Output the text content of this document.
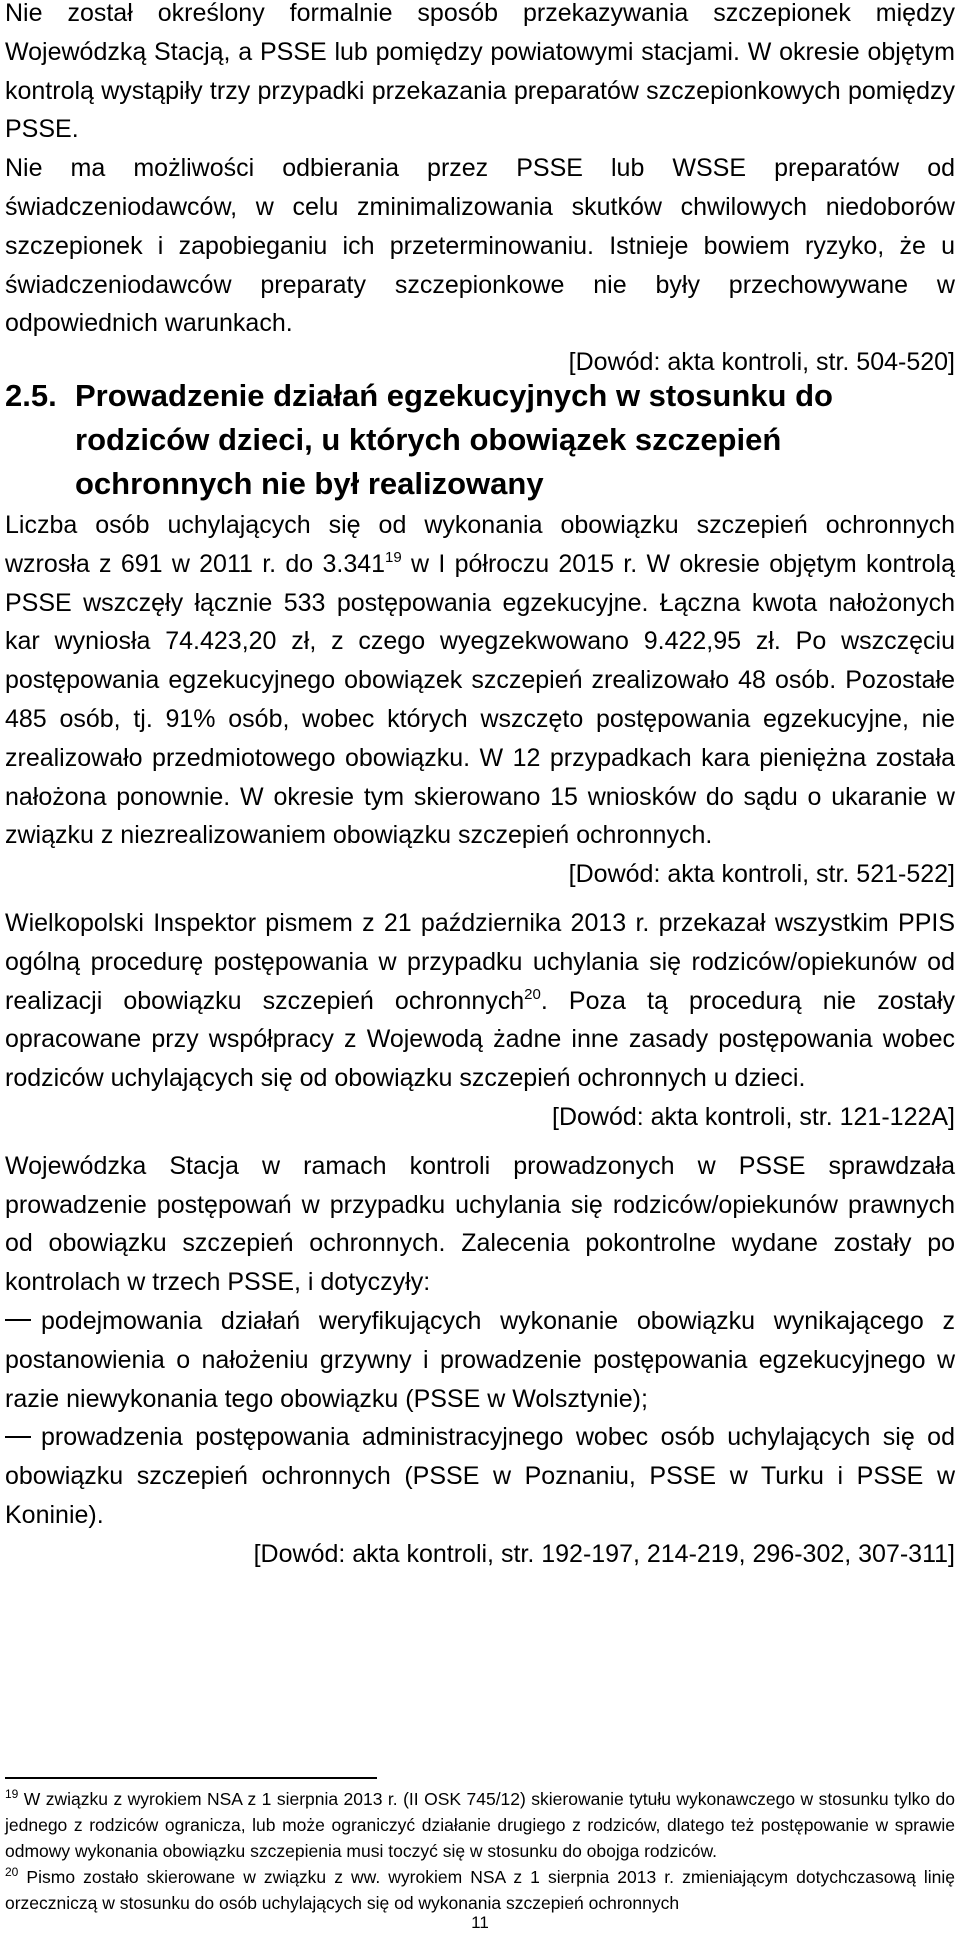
Nie został określony formalnie sposób przekazywania szczepionek między Wojewódzką Stacją, a PSSE lub pomiędzy powiatowymi stacjami. W okresie objętym kontrolą wystąpiły trzy przypadki przekazania preparatów szczepionkowych pomiędzy PSSE.

Nie ma możliwości odbierania przez PSSE lub WSSE preparatów od świadczeniodawców, w celu zminimalizowania skutków chwilowych niedoborów szczepionek i zapobieganiu ich przeterminowaniu. Istnieje bowiem ryzyko, że u świadczeniodawców preparaty szczepionkowe nie były przechowywane w odpowiednich warunkach.

[Dowód: akta kontroli, str. 504-520]

2.5. Prowadzenie działań egzekucyjnych w stosunku do rodziców dzieci, u których obowiązek szczepień ochronnych nie był realizowany

Liczba osób uchylających się od wykonania obowiązku szczepień ochronnych wzrosła z 691 w 2011 r. do 3.341$^{19}$ w I półroczu 2015 r. W okresie objętym kontrolą PSSE wszczęły łącznie 533 postępowania egzekucyjne. Łączna kwota nałożonych kar wyniosła 74.423,20 zł, z czego wyegzekwowano 9.422,95 zł. Po wszczęciu postępowania egzekucyjnego obowiązek szczepień zrealizowało 48 osób. Pozostałe 485 osób, tj. 91% osób, wobec których wszczęto postępowania egzekucyjne, nie zrealizowało przedmiotowego obowiązku. W 12 przypadkach kara pieniężna została nałożona ponownie. W okresie tym skierowano 15 wniosków do sądu o ukaranie w związku z niezrealizowaniem obowiązku szczepień ochronnych.

[Dowód: akta kontroli, str. 521-522]

Wielkopolski Inspektor pismem z 21 października 2013 r. przekazał wszystkim PPIS ogólną procedurę postępowania w przypadku uchylania się rodziców/opiekunów od realizacji obowiązku szczepień ochronnych$^{20}$. Poza tą procedurą nie zostały opracowane przy współpracy z Wojewodą żadne inne zasady postępowania wobec rodziców uchylających się od obowiązku szczepień ochronnych u dzieci.

[Dowód: akta kontroli, str. 121-122A]

Wojewódzka Stacja w ramach kontroli prowadzonych w PSSE sprawdzała prowadzenie postępowań w przypadku uchylania się rodziców/opiekunów prawnych od obowiązku szczepień ochronnych. Zalecenia pokontrolne wydane zostały po kontrolach w trzech PSSE, i dotyczyły:

podejmowania działań weryfikujących wykonanie obowiązku wynikającego z postanowienia o nałożeniu grzywny i prowadzenie postępowania egzekucyjnego w razie niewykonania tego obowiązku (PSSE w Wolsztynie);

prowadzenia postępowania administracyjnego wobec osób uchylających się od obowiązku szczepień ochronnych (PSSE w Poznaniu, PSSE w Turku i PSSE w Koninie).

[Dowód: akta kontroli, str. 192-197, 214-219, 296-302, 307-311]

$^{19}$ W związku z wyrokiem NSA z 1 sierpnia 2013 r. (II OSK 745/12) skierowanie tytułu wykonawczego w stosunku tylko do jednego z rodziców ogranicza, lub może ograniczyć działanie drugiego z rodziców, dlatego też postępowanie w sprawie odmowy wykonania obowiązku szczepienia musi toczyć się w stosunku do obojga rodziców.

$^{20}$ Pismo zostało skierowane w związku z ww. wyrokiem NSA z 1 sierpnia 2013 r. zmieniającym dotychczasową linię orzeczniczą w stosunku do osób uchylających się od wykonania szczepień ochronnych

11
